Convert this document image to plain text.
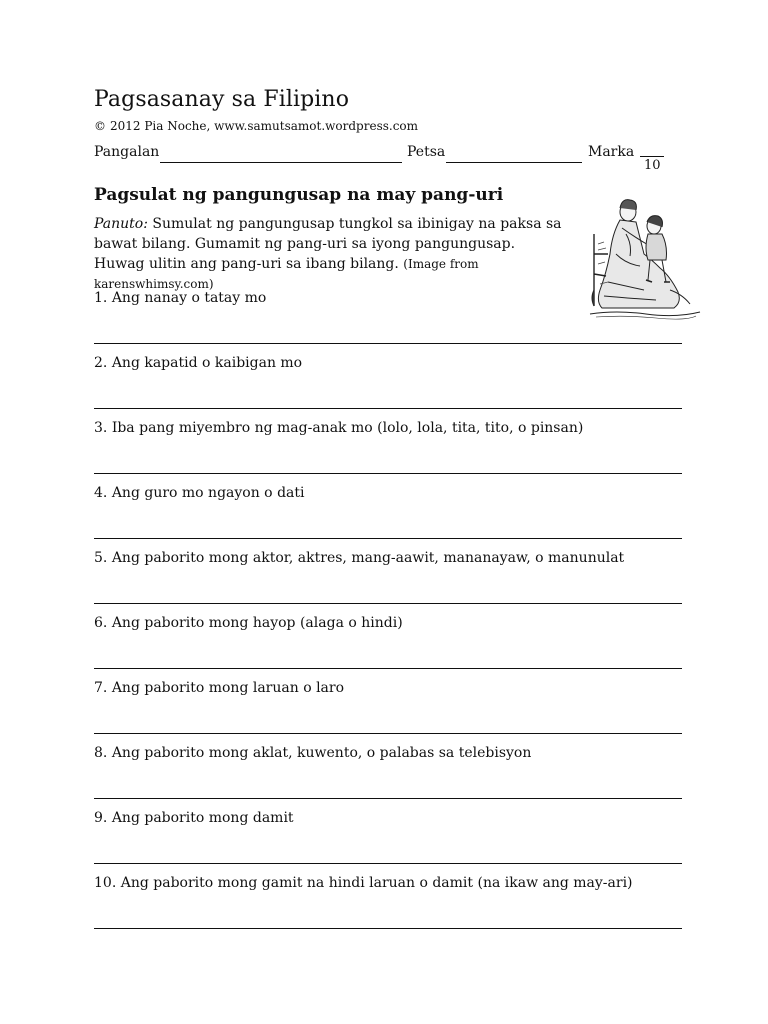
Pagsasanay sa Filipino
© 2012 Pia Noche, www.samutsamot.wordpress.com
Pangalan	Petsa	Marka
10
Pagsulat ng pangungusap na may pang-uri
Panuto: Sumulat ng pangungusap tungkol sa ibinigay na paksa sa bawat bilang. Gumamit ng pang-uri sa iyong pangungusap. Huwag ulitin ang pang-uri sa ibang bilang. (Image from karenswhimsy.com)
1. Ang nanay o tatay mo
2. Ang kapatid o kaibigan mo
3. Iba pang miyembro ng mag-anak mo (lolo, lola, tita, tito, o pinsan)
4. Ang guro mo ngayon o dati
5. Ang paborito mong aktor, aktres, mang-aawit, mananayaw, o manunulat
6. Ang paborito mong hayop (alaga o hindi)
7. Ang paborito mong laruan o laro
8. Ang paborito mong aklat, kuwento, o palabas sa telebisyon
9. Ang paborito mong damit
10. Ang paborito mong gamit na hindi laruan o damit (na ikaw ang may-ari)
